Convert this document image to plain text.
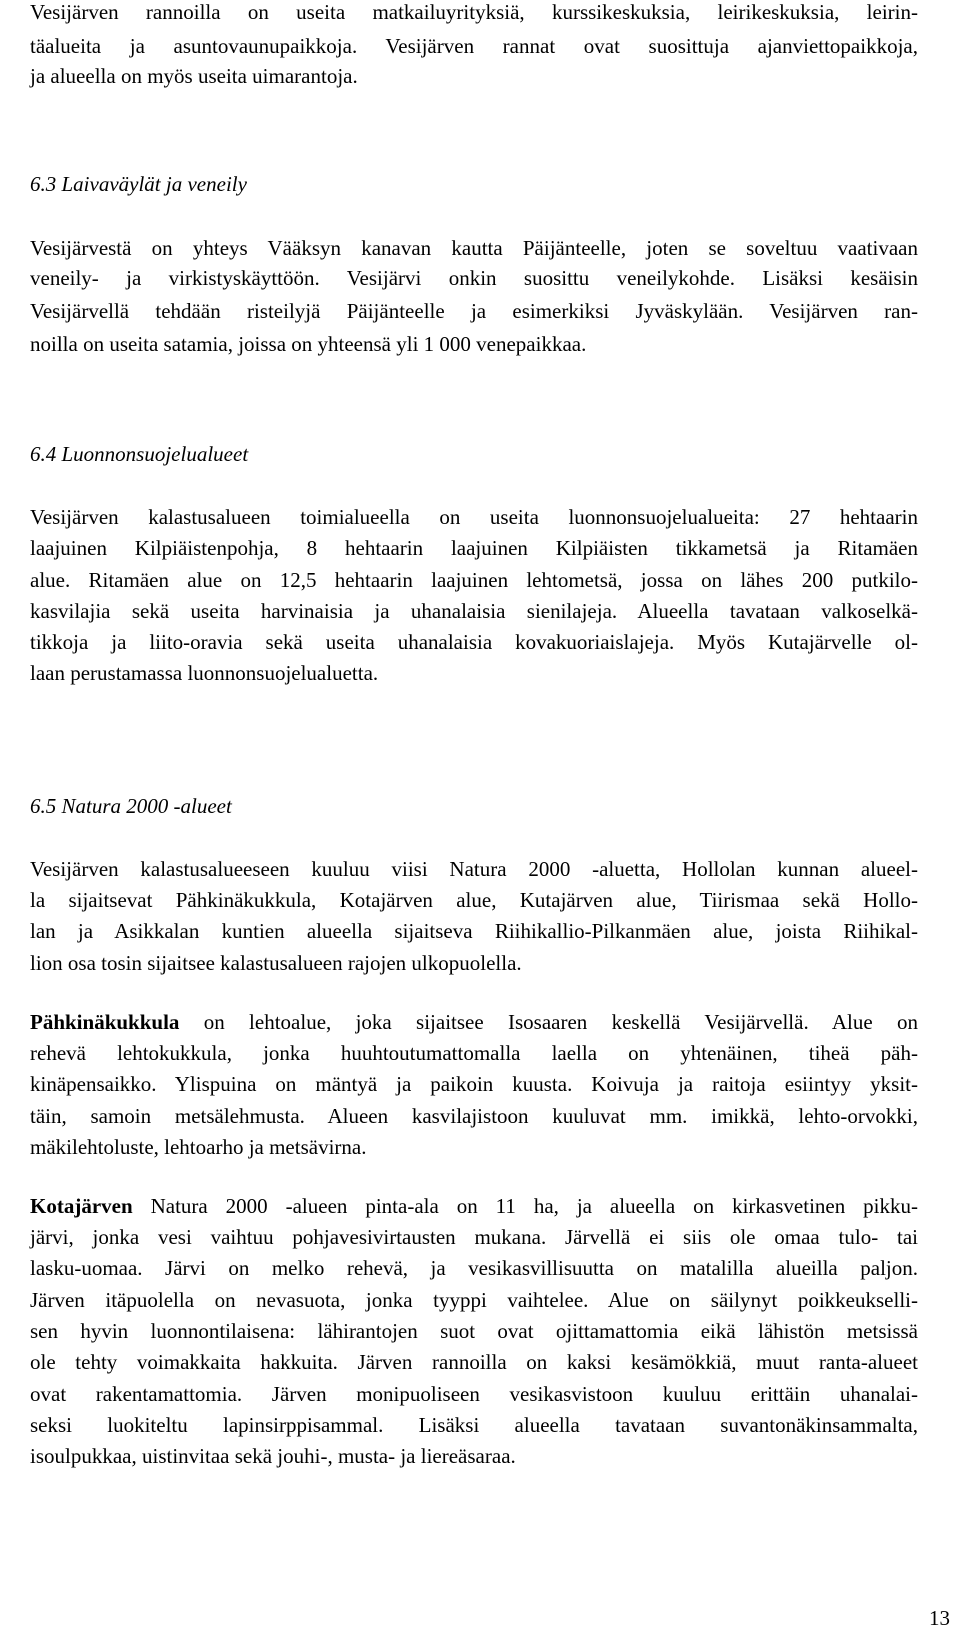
Vesijärven rannoilla on useita matkailuyrityksiä, kurssikeskuksia, leirikeskuksia, leirin-
täalueita ja asuntovaunupaikkoja. Vesijärven rannat ovat suosittuja ajanviettopaikkoja,
ja alueella on myös useita uimarantoja.
6.3 Laivaväylät ja veneily
Vesijärvestä on yhteys Vääksyn kanavan kautta Päijänteelle, joten se soveltuu vaativaan
veneily- ja virkistyskäyttöön. Vesijärvi onkin suosittu veneilykohde. Lisäksi kesäisin
Vesijärvellä tehdään risteilyjä Päijänteelle ja esimerkiksi Jyväskylään. Vesijärven ran-
noilla on useita satamia, joissa on yhteensä yli 1 000 venepaikkaa.
6.4 Luonnonsuojelualueet
Vesijärven kalastusalueen toimialueella on useita luonnonsuojelualueita: 27 hehtaarin
laajuinen Kilpiäistenpohja, 8 hehtaarin laajuinen Kilpiäisten tikkametsä ja Ritamäen
alue. Ritamäen alue on 12,5 hehtaarin laajuinen lehtometsä, jossa on lähes 200 putkilo-
kasvilajia sekä useita harvinaisia ja uhanalaisia sienilajeja. Alueella tavataan valkoselkä-
tikkoja ja liito-oravia sekä useita uhanalaisia kovakuoriaislajeja. Myös Kutajärvelle ol-
laan perustamassa luonnonsuojelualuetta.
6.5 Natura 2000 -alueet
Vesijärven kalastusalueeseen kuuluu viisi Natura 2000 -aluetta, Hollolan kunnan alueel-
la sijaitsevat Pähkinäkukkula, Kotajärven alue, Kutajärven alue, Tiirismaa sekä Hollo-
lan ja Asikkalan kuntien alueella sijaitseva Riihikallio-Pilkanmäen alue, joista Riihikal-
lion osa tosin sijaitsee kalastusalueen rajojen ulkopuolella.
Pähkinäkukkula on lehtoalue, joka sijaitsee Isosaaren keskellä Vesijärvellä. Alue on
rehevä lehtokukkula, jonka huuhtoutumattomalla laella on yhtenäinen, tiheä päh-
kinäpensaikko. Ylispuina on mäntyä ja paikoin kuusta. Koivuja ja raitoja esiintyy yksit-
täin, samoin metsälehmusta. Alueen kasvilajistoon kuuluvat mm. imikkä, lehto-orvokki,
mäkilehtoluste, lehtoarho ja metsävirna.
Kotajärven Natura 2000 -alueen pinta-ala on 11 ha, ja alueella on kirkasvetinen pikku-
järvi, jonka vesi vaihtuu pohjavesivirtausten mukana. Järvellä ei siis ole omaa tulo- tai
lasku-uomaa. Järvi on melko rehevä, ja vesikasvillisuutta on matalilla alueilla paljon.
Järven itäpuolella on nevasuota, jonka tyyppi vaihtelee. Alue on säilynyt poikkeukselli-
sen hyvin luonnontilaisena: lähirantojen suot ovat ojittamattomia eikä lähistön metsissä
ole tehty voimakkaita hakkuita. Järven rannoilla on kaksi kesämökkiä, muut ranta-alueet
ovat rakentamattomia. Järven monipuoliseen vesikasvistoon kuuluu erittäin uhanalai-
seksi luokiteltu lapinsirppisammal. Lisäksi alueella tavataan suvantonäkinsammalta,
isoulpukkaa, uistinvitaa sekä jouhi-, musta- ja liereäsaraa.
13
